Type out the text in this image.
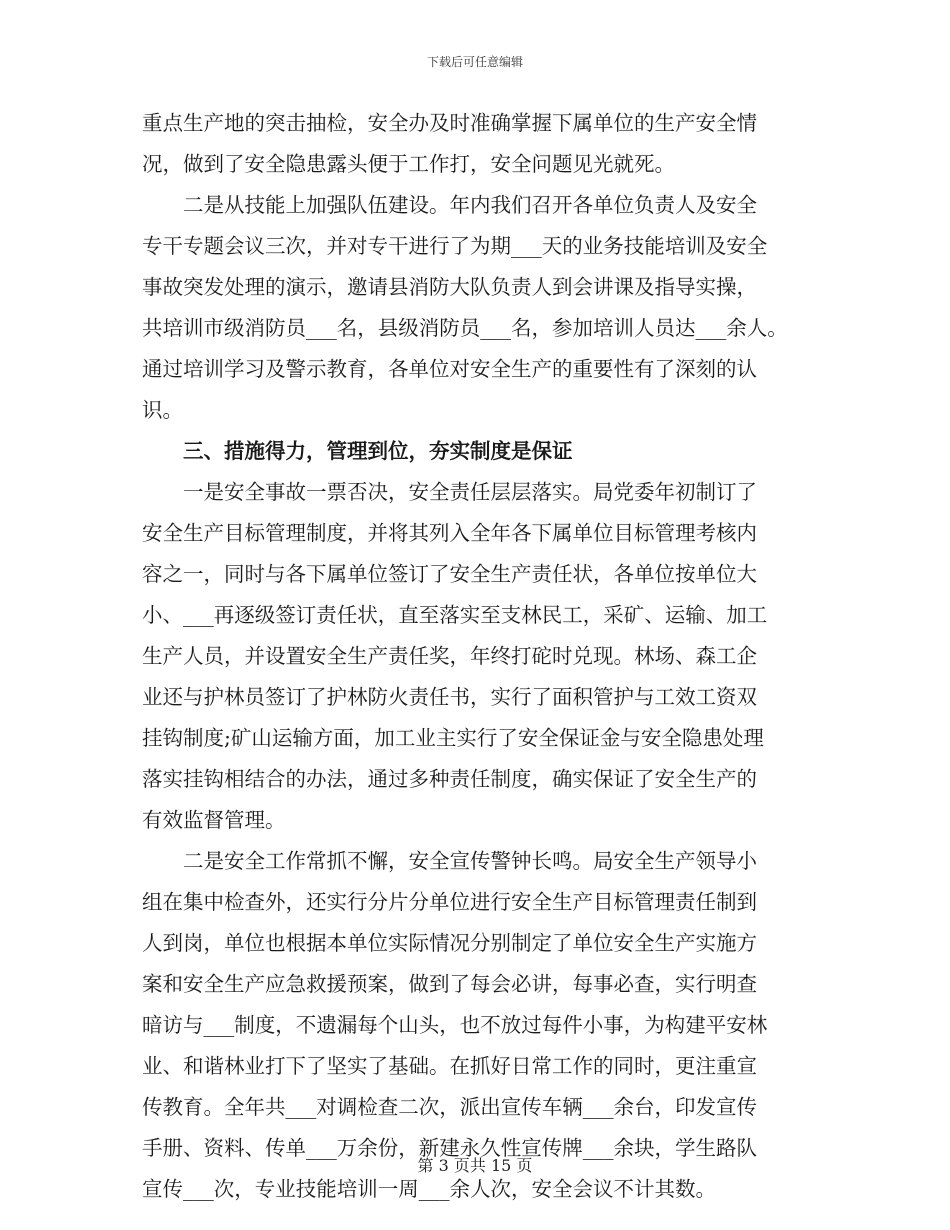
下载后可任意编辑
重点生产地的突击抽检，安全办及时准确掌握下属单位的生产安全情
况，做到了安全隐患露头便于工作打，安全问题见光就死。
　　二是从技能上加强队伍建设。年内我们召开各单位负责人及安全
专干专题会议三次，并对专干进行了为期___天的业务技能培训及安全
事故突发处理的演示，邀请县消防大队负责人到会讲课及指导实操，
共培训市级消防员___名，县级消防员___名，参加培训人员达___余人。
通过培训学习及警示教育，各单位对安全生产的重要性有了深刻的认
识。
　　三、措施得力，管理到位，夯实制度是保证
　　一是安全事故一票否决，安全责任层层落实。局党委年初制订了
安全生产目标管理制度，并将其列入全年各下属单位目标管理考核内
容之一，同时与各下属单位签订了安全生产责任状，各单位按单位大
小、___再逐级签订责任状，直至落实至支林民工，采矿、运输、加工
生产人员，并设置安全生产责任奖，年终打砣时兑现。林场、森工企
业还与护林员签订了护林防火责任书，实行了面积管护与工效工资双
挂钩制度;矿山运输方面，加工业主实行了安全保证金与安全隐患处理
落实挂钩相结合的办法，通过多种责任制度，确实保证了安全生产的
有效监督管理。
　　二是安全工作常抓不懈，安全宣传警钟长鸣。局安全生产领导小
组在集中检查外，还实行分片分单位进行安全生产目标管理责任制到
人到岗，单位也根据本单位实际情况分别制定了单位安全生产实施方
案和安全生产应急救援预案，做到了每会必讲，每事必查，实行明查
暗访与___制度，不遗漏每个山头，也不放过每件小事，为构建平安林
业、和谐林业打下了坚实了基础。在抓好日常工作的同时，更注重宣
传教育。全年共___对调检查二次，派出宣传车辆___余台，印发宣传
手册、资料、传单___万余份，新建永久性宣传牌___余块，学生路队
宣传___次，专业技能培训一周___余人次，安全会议不计其数。
第 3 页共 15 页
